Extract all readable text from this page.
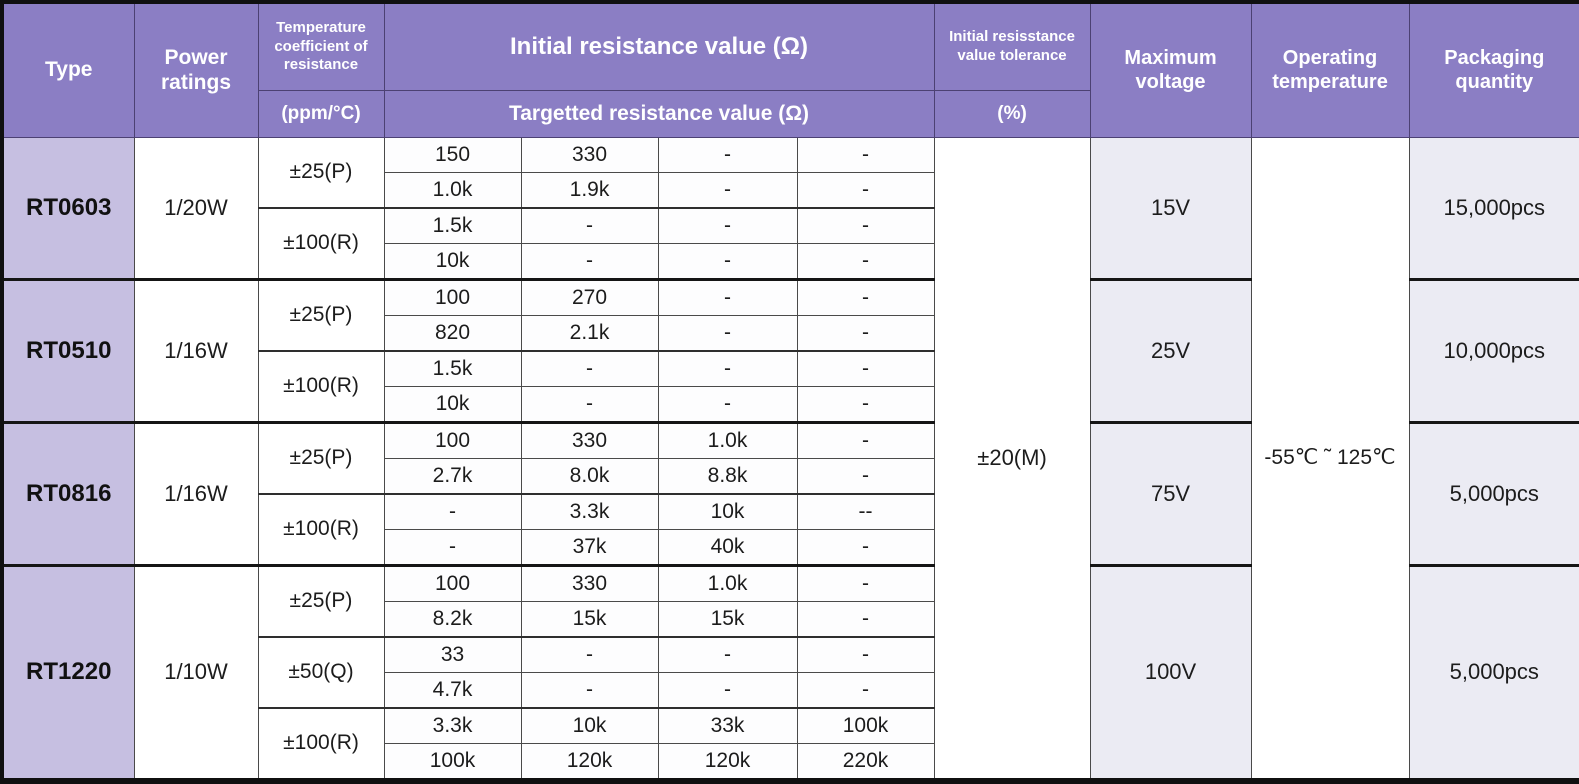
Type	Power ratings	Temperature coefficient of resistance	Initial resistance value (Ω)				Initial resisstance value tolerance	Maximum voltage	Operating temperature	Packaging quantity
		(ppm/°C)	Targetted resistance value (Ω)				(%)			
RT0603	1/20W	±25(P)	150	330	-	-	±20(M)	15V	-55℃ ˜ 125℃	15,000pcs
			1.0k	1.9k	-	-				
		±100(R)	1.5k	-	-	-				
			10k	-	-	-				
RT0510	1/16W	±25(P)	100	270	-	-		25V		10,000pcs
			820	2.1k	-	-				
		±100(R)	1.5k	-	-	-				
			10k	-	-	-				
RT0816	1/16W	±25(P)	100	330	1.0k	-		75V		5,000pcs
			2.7k	8.0k	8.8k	-				
		±100(R)	-	3.3k	10k	--				
			-	37k	40k	-				
RT1220	1/10W	±25(P)	100	330	1.0k	-		100V		5,000pcs
			8.2k	15k	15k	-				
		±50(Q)	33	-	-	-				
			4.7k	-	-	-				
		±100(R)	3.3k	10k	33k	100k				
			100k	120k	120k	220k				
